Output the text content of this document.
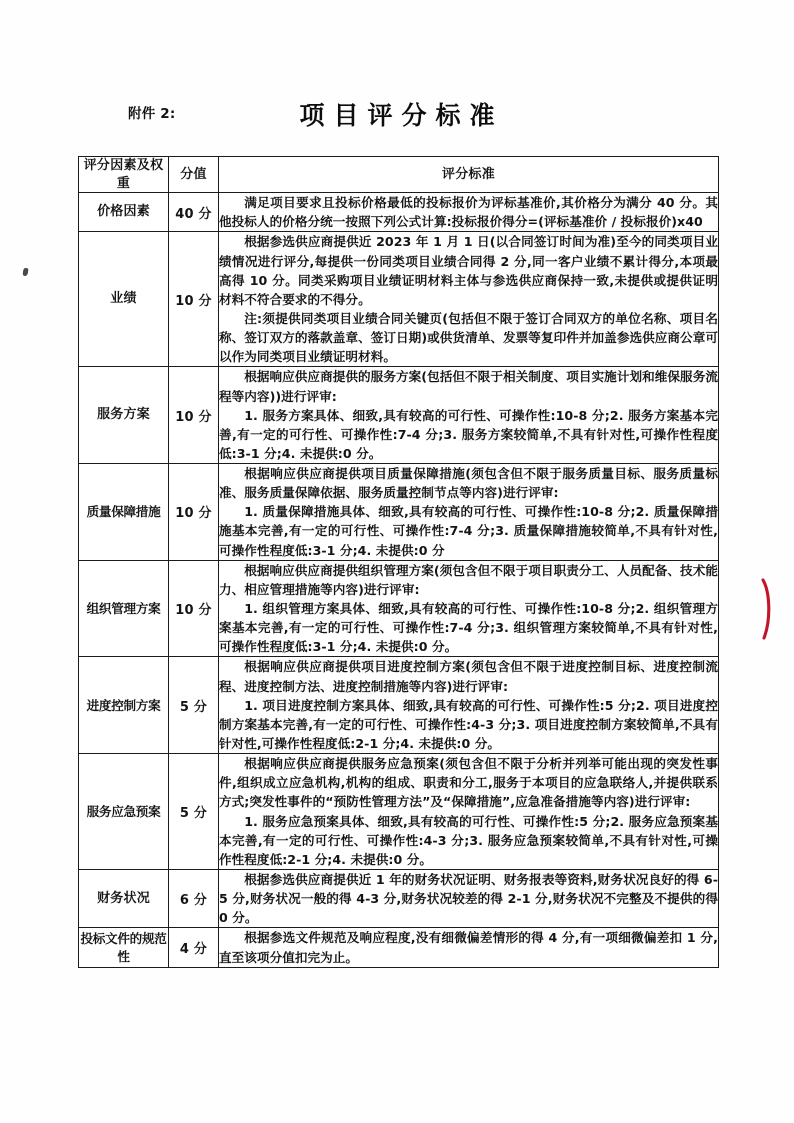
附件 2:	项目评分标准
评分因素及权重	分值	评分标准
价格因素	40 分	满足项目要求且投标价格最低的投标报价为评标基准价,其价格分为满分 40 分。其他投标人的价格分统一按照下列公式计算:投标报价得分=(评标基准价 / 投标报价)x40

业绩	10 分	根据参选供应商提供近 2023 年 1 月 1 日(以合同签订时间为准)至今的同类项目业绩情况进行评分,每提供一份同类项目业绩合同得 2 分,同一客户业绩不累计得分,本项最高得 10 分。同类采购项目业绩证明材料主体与参选供应商保持一致,未提供或提供证明材料不符合要求的不得分。

注:须提供同类项目业绩合同关键页(包括但不限于签订合同双方的单位名称、项目名称、签订双方的落款盖章、签订日期)或供货清单、发票等复印件并加盖参选供应商公章可以作为同类项目业绩证明材料。

服务方案	10 分	根据响应供应商提供的服务方案(包括但不限于相关制度、项目实施计划和维保服务流程等内容))进行评审:

1. 服务方案具体、细致,具有较高的可行性、可操作性:10-8 分;2. 服务方案基本完善,有一定的可行性、可操作性:7-4 分;3. 服务方案较简单,不具有针对性,可操作性程度低:3-1 分;4. 未提供:0 分。

质量保障措施	10 分	根据响应供应商提供项目质量保障措施(须包含但不限于服务质量目标、服务质量标准、服务质量保障依据、服务质量控制节点等内容)进行评审:

1. 质量保障措施具体、细致,具有较高的可行性、可操作性:10-8 分;2. 质量保障措施基本完善,有一定的可行性、可操作性:7-4 分;3. 质量保障措施较简单,不具有针对性,可操作性程度低:3-1 分;4. 未提供:0 分

组织管理方案	10 分	根据响应供应商提供组织管理方案(须包含但不限于项目职责分工、人员配备、技术能力、相应管理措施等内容)进行评审:

1. 组织管理方案具体、细致,具有较高的可行性、可操作性:10-8 分;2. 组织管理方案基本完善,有一定的可行性、可操作性:7-4 分;3. 组织管理方案较简单,不具有针对性,可操作性程度低:3-1 分;4. 未提供:0 分。

进度控制方案	5 分	根据响应供应商提供项目进度控制方案(须包含但不限于进度控制目标、进度控制流程、进度控制方法、进度控制措施等内容)进行评审:

1. 项目进度控制方案具体、细致,具有较高的可行性、可操作性:5 分;2. 项目进度控制方案基本完善,有一定的可行性、可操作性:4-3 分;3. 项目进度控制方案较简单,不具有针对性,可操作性程度低:2-1 分;4. 未提供:0 分。

服务应急预案	5 分	根据响应供应商提供服务应急预案(须包含但不限于分析并列举可能出现的突发性事件,组织成立应急机构,机构的组成、职责和分工,服务于本项目的应急联络人,并提供联系方式;突发性事件的“预防性管理方法”及“保障措施”,应急准备措施等内容)进行评审:

1. 服务应急预案具体、细致,具有较高的可行性、可操作性:5 分;2. 服务应急预案基本完善,有一定的可行性、可操作性:4-3 分;3. 服务应急预案较简单,不具有针对性,可操作性程度低:2-1 分;4. 未提供:0 分。

财务状况	6 分	根据参选供应商提供近 1 年的财务状况证明、财务报表等资料,财务状况良好的得 6-5 分,财务状况一般的得 4-3 分,财务状况较差的得 2-1 分,财务状况不完整及不提供的得 0 分。

投标文件的规范性	4 分	根据参选文件规范及响应程度,没有细微偏差情形的得 4 分,有一项细微偏差扣 1 分,直至该项分值扣完为止。
